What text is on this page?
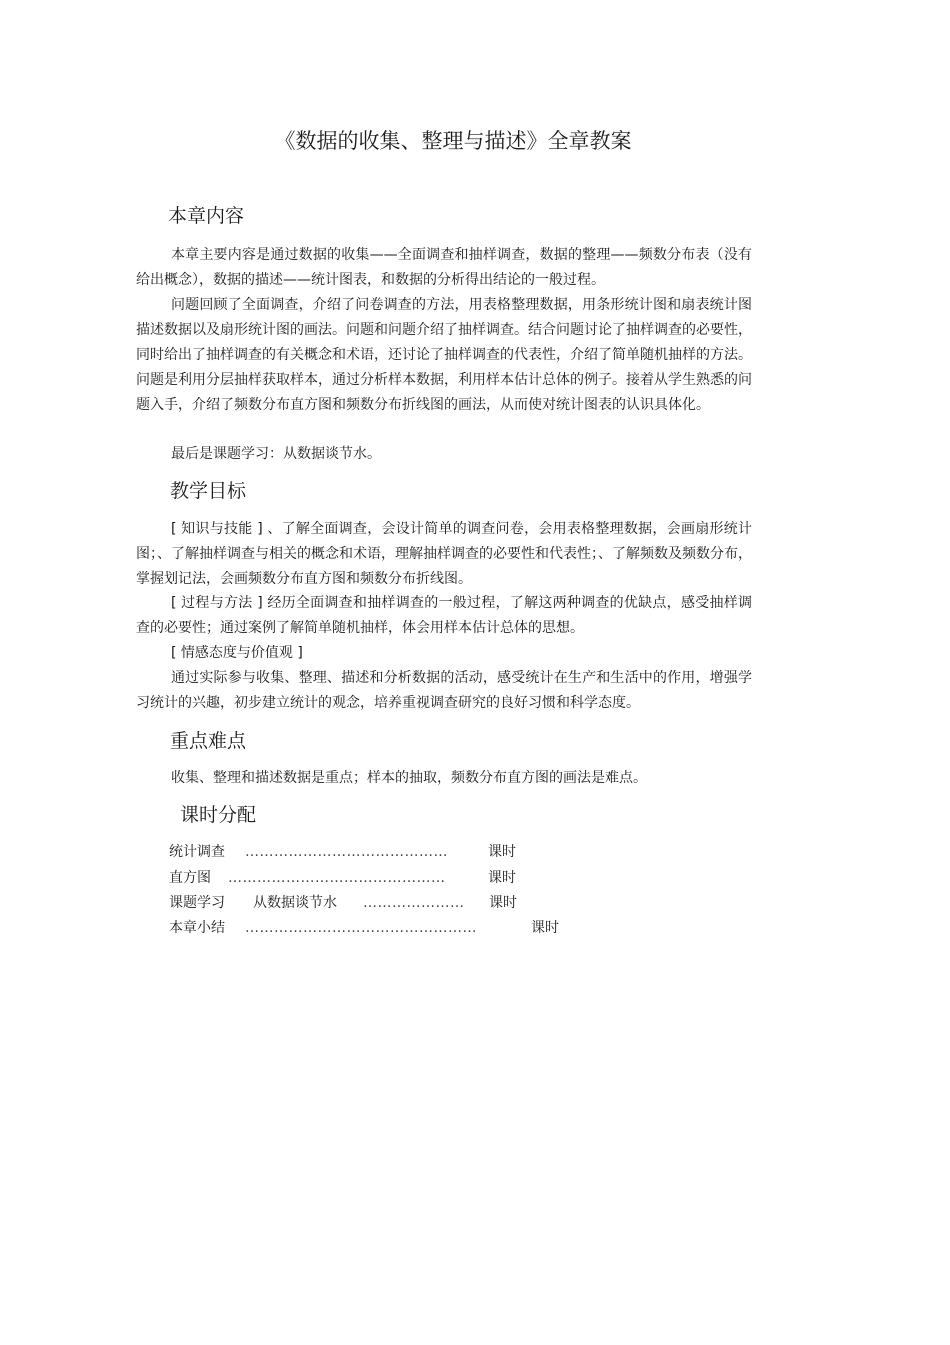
《数据的收集、整理与描述》全章教案
本章内容

本章主要内容是通过数据的收集——全面调查和抽样调查，数据的整理——频数分布表（没有给出概念），数据的描述——统计图表，和数据的分析得出结论的一般过程。

问题回顾了全面调查，介绍了问卷调查的方法，用表格整理数据，用条形统计图和扇表统计图描述数据以及扇形统计图的画法。问题和问题介绍了抽样调查。结合问题讨论了抽样调查的必要性，同时给出了抽样调查的有关概念和术语，还讨论了抽样调查的代表性，介绍了简单随机抽样的方法。问题是利用分层抽样获取样本，通过分析样本数据，利用样本估计总体的例子。接着从学生熟悉的问题入手，介绍了频数分布直方图和频数分布折线图的画法，从而使对统计图表的认识具体化。

最后是课题学习：从数据谈节水。

教学目标

[ 知识与技能 ] 、了解全面调查，会设计简单的调查问卷，会用表格整理数据，会画扇形统计图；、了解抽样调查与相关的概念和术语，理解抽样调查的必要性和代表性；、了解频数及频数分布，掌握划记法，会画频数分布直方图和频数分布折线图。

[ 过程与方法 ] 经历全面调查和抽样调查的一般过程，了解这两种调查的优缺点，感受抽样调查的必要性；通过案例了解简单随机抽样，体会用样本估计总体的思想。

[ 情感态度与价值观 ]

通过实际参与收集、整理、描述和分析数据的活动，感受统计在生产和生活中的作用，增强学习统计的兴趣，初步建立统计的观念，培养重视调查研究的良好习惯和科学态度。

重点难点

收集、整理和描述数据是重点；样本的抽取，频数分布直方图的画法是难点。

课时分配
统计调查 ……………………………………	课时
直方图 ………………………………………	课时
课题学习 从数据谈节水 ………………… 课时
本章小结 …………………………………………	课时
